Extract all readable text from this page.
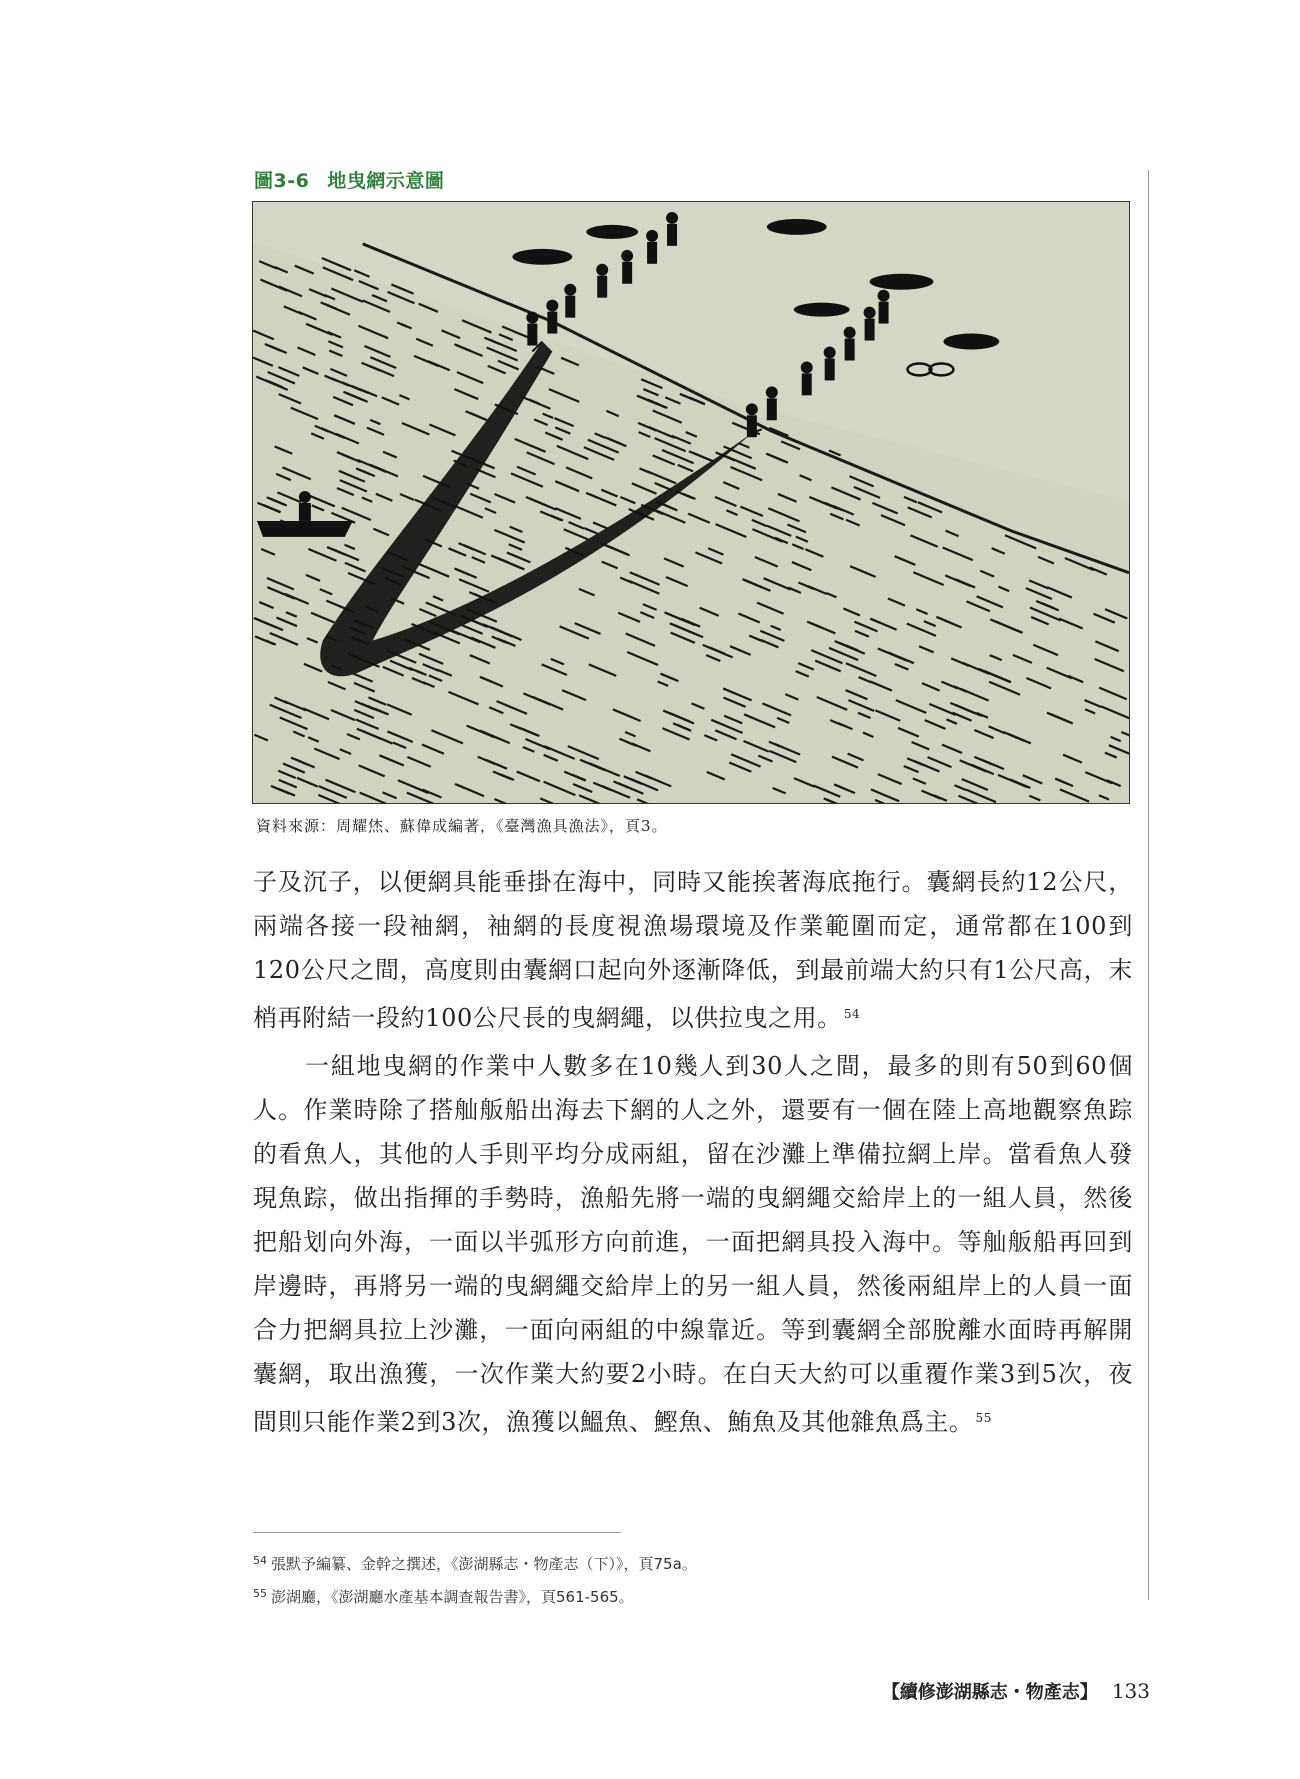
圖3-6 地曳網示意圖
資料來源：周耀烋、蘇偉成編著，《臺灣漁具漁法》，頁3。

子及沉子，以便網具能垂掛在海中，同時又能挨著海底拖行。囊網長約12公尺，兩端各接一段袖網，袖網的長度視漁場環境及作業範圍而定，通常都在100到120公尺之間，高度則由囊網口起向外逐漸降低，到最前端大約只有1公尺高，末梢再附結一段約100公尺長的曳網繩，以供拉曳之用。 $^{54}$

一組地曳網的作業中人數多在10幾人到30人之間，最多的則有50到60個人。作業時除了搭舢舨船出海去下網的人之外，還要有一個在陸上高地觀察魚踪的看魚人，其他的人手則平均分成兩組，留在沙灘上準備拉網上岸。當看魚人發現魚踪，做出指揮的手勢時，漁船先將一端的曳網繩交給岸上的一組人員，然後把船划向外海，一面以半弧形方向前進，一面把網具投入海中。等舢舨船再回到岸邊時，再將另一端的曳網繩交給岸上的另一組人員，然後兩組岸上的人員一面合力把網具拉上沙灘，一面向兩組的中線靠近。等到囊網全部脫離水面時再解開囊網，取出漁獲，一次作業大約要2小時。在白天大約可以重覆作業3到5次，夜間則只能作業2到3次，漁獲以鰮魚、鰹魚、鮪魚及其他雜魚爲主。 $^{55}$

$^{54}$ 張默予編纂、金幹之撰述，《澎湖縣志・物產志（下）》，頁75a。
$^{55}$ 澎湖廳，《澎湖廳水產基本調查報告書》，頁561-565。
【續修澎湖縣志・物產志】 133
